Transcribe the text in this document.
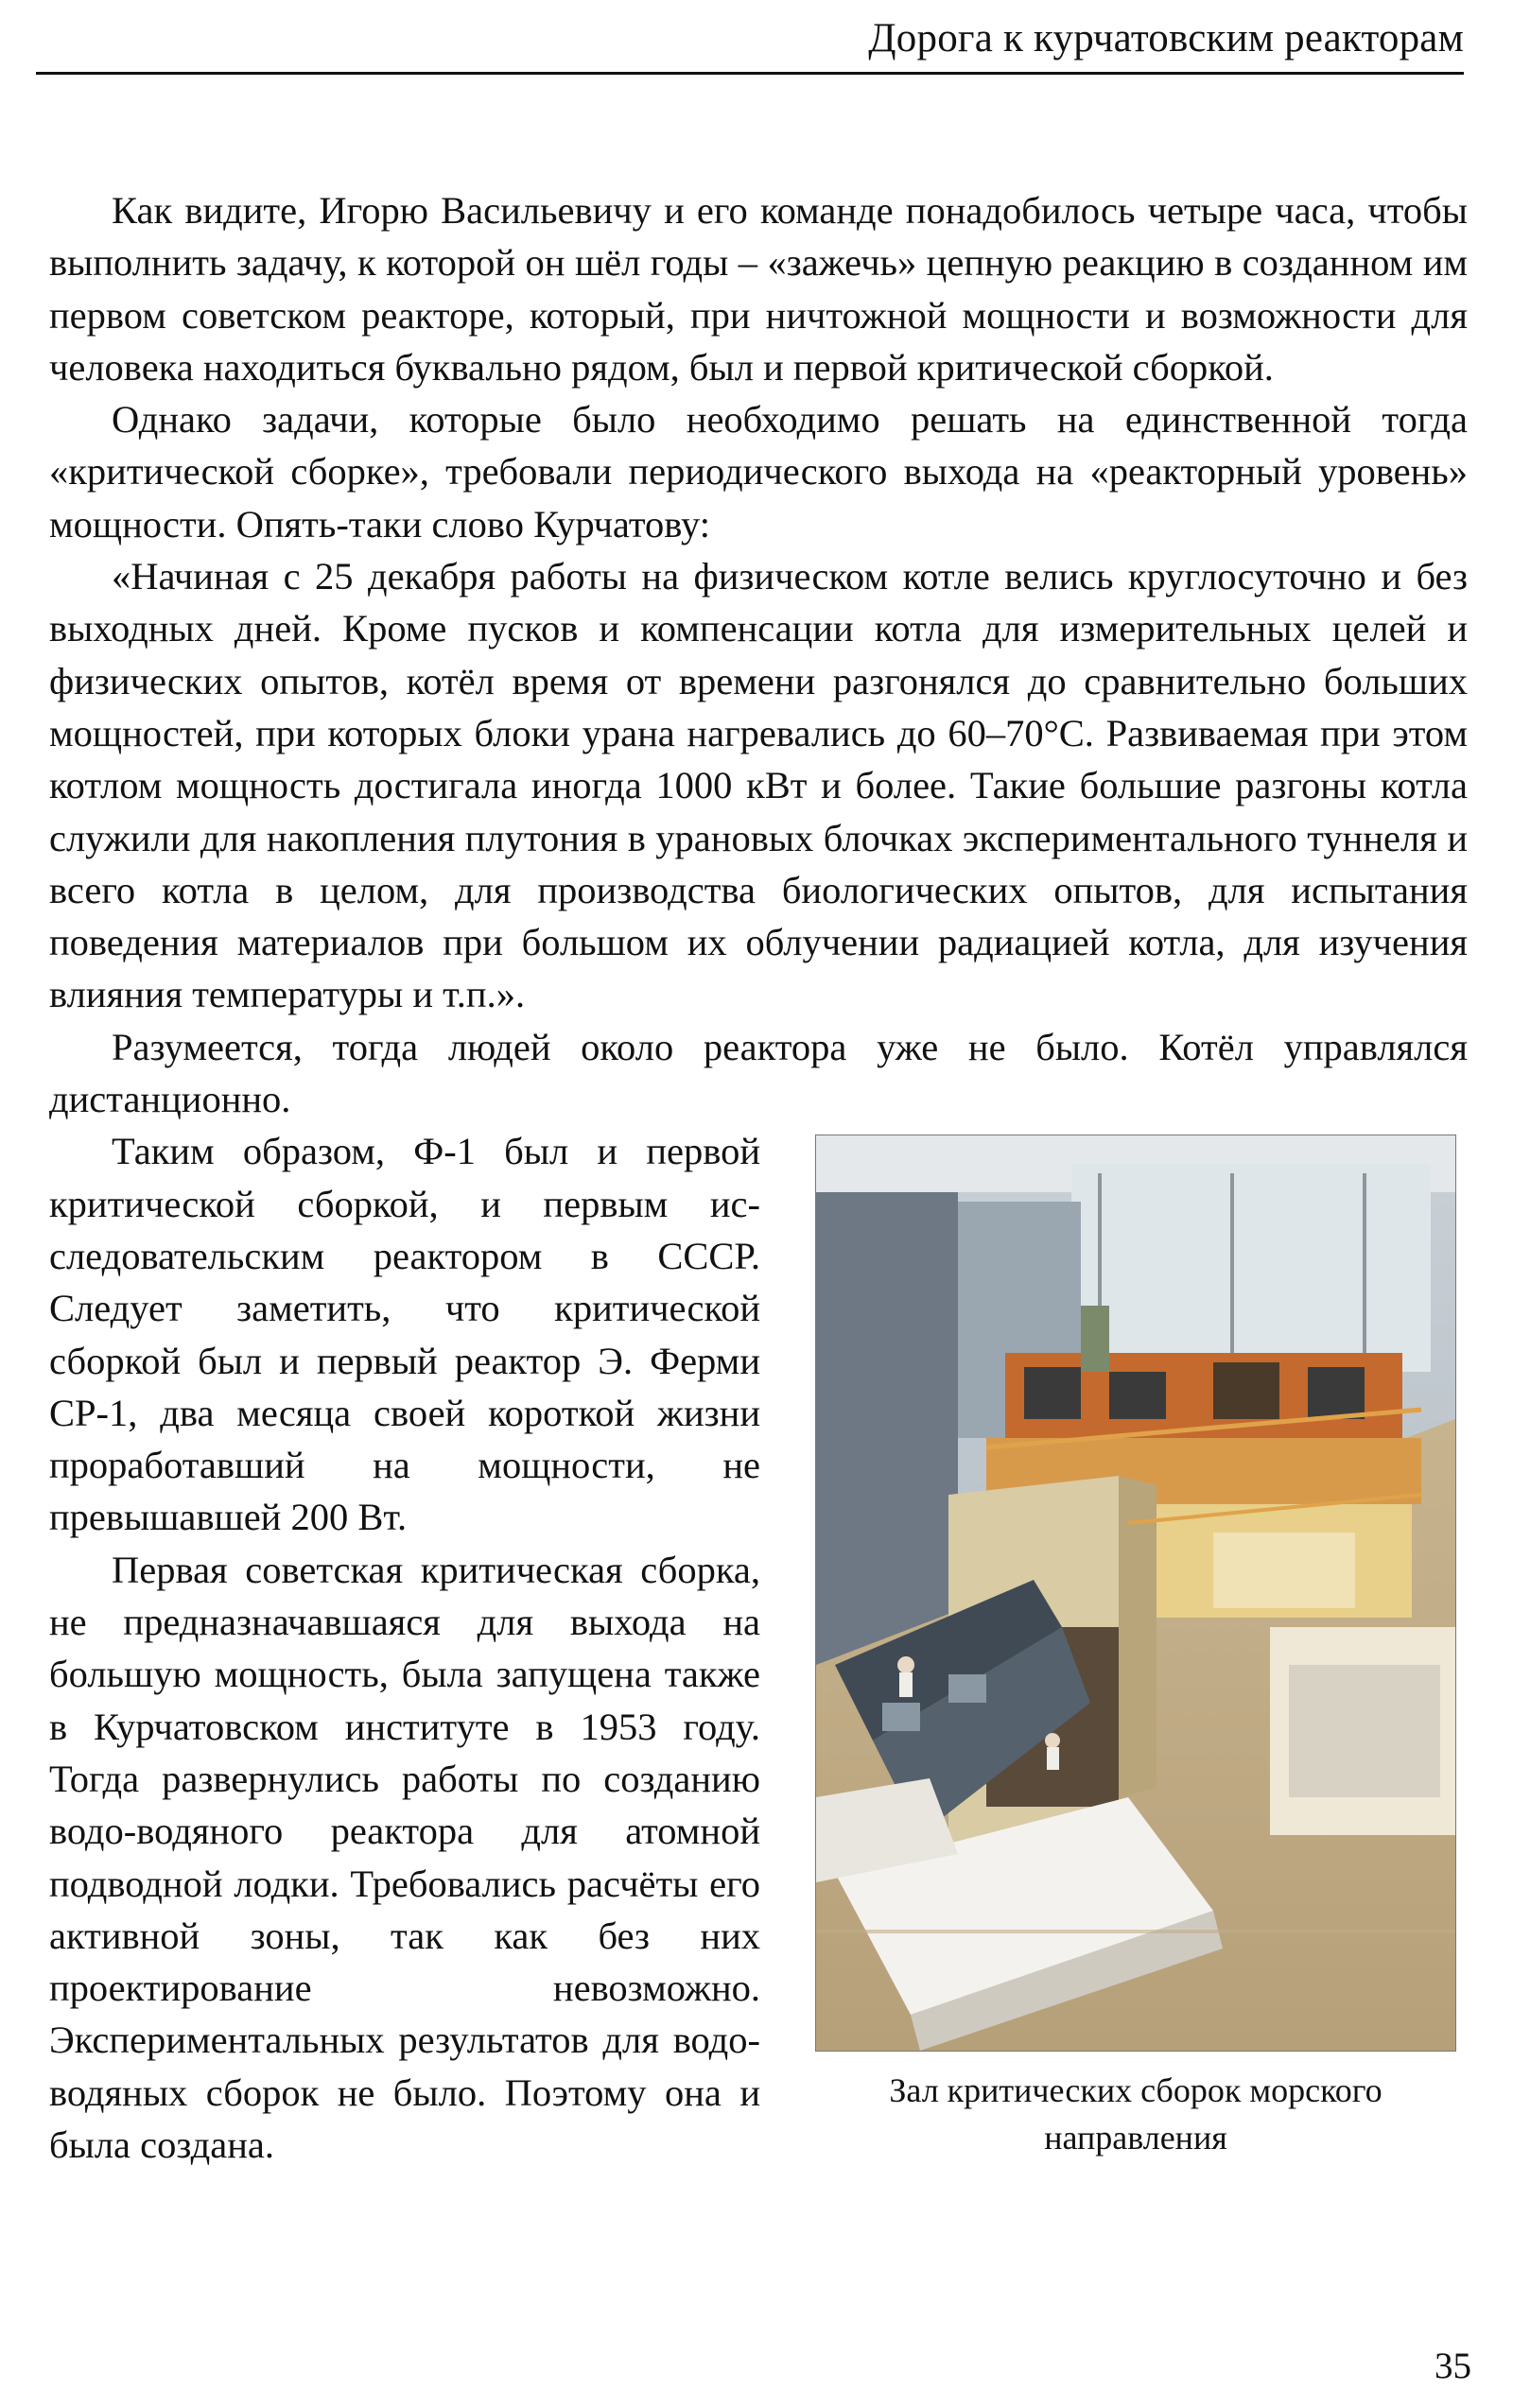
Дорога к курчатовским реакторам

Как видите, Игорю Васильевичу и его команде понадобилось четыре часа, чтобы выполнить задачу, к которой он шёл годы – «зажечь» цепную реакцию в созданном им первом советском реакторе, который, при ничтожной мощности и возможности для человека находиться буквально рядом, был и первой критической сборкой.

Однако задачи, которые было необходимо решать на единственной тогда «критической сборке», требовали периодического выхода на «реакторный уровень» мощности. Опять-таки слово Курчатову:

«Начиная с 25 декабря работы на физическом котле велись круглосуточно и без выходных дней. Кроме пусков и компенсации котла для измерительных целей и физических опытов, котёл время от времени разгонялся до сравнительно больших мощностей, при которых блоки урана нагревались до 60–70°С. Развиваемая при этом котлом мощность достигала иногда 1000 кВт и более. Такие большие разгоны котла служили для накопления плутония в урановых блочках экспериментального туннеля и всего котла в целом, для производства биологических опытов, для испытания поведения материалов при большом их облучении радиацией котла, для изучения влияния температуры и т.п.».

Разумеется, тогда людей около реактора уже не было. Котёл управлялся дистанционно.

Зал критических сборок морского направления

Таким образом, Ф-1 был и первой критической сборкой, и первым исследовательским реактором в СССР. Следует заметить, что критической сборкой был и первый реактор Э. Ферми CP-1, два месяца своей короткой жизни проработавший на мощности, не превышавшей 200 Вт.

Первая советская критическая сборка, не предназначавшаяся для выхода на большую мощность, была запущена также в Курчатовском институте в 1953 году. Тогда развернулись работы по созданию водо-водяного реактора для атомной подводной лодки. Требовались расчёты его активной зоны, так как без них проектирование невозможно. Экспериментальных результатов для водо-водяных сборок не было. Поэтому она и была создана.

35
